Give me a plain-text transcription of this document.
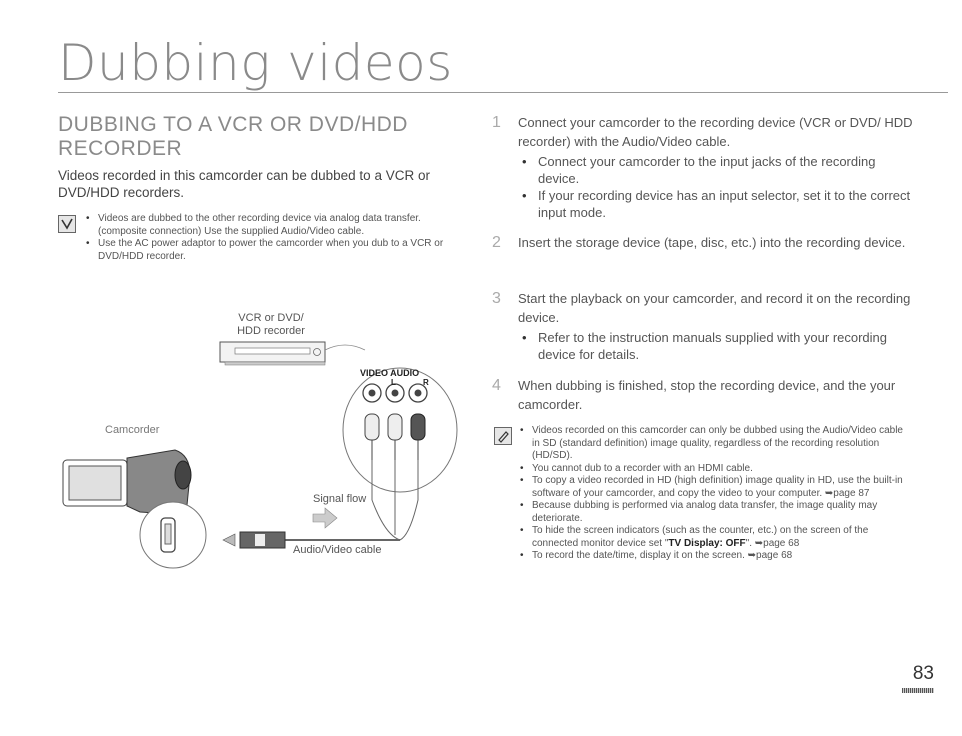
Dubbing videos
DUBBING TO A VCR OR DVD/HDD RECORDER
Videos recorded in this camcorder can be dubbed to a VCR or DVD/HDD recorders.
• Videos are dubbed to the other recording device via analog data transfer. (composite connection) Use the supplied Audio/Video cable.
• Use the AC power adaptor to power the camcorder when you dub to a VCR or DVD/HDD recorder.
VCR or DVD/ HDD recorder
VIDEO AUDIO
L	R
Camcorder
Signal flow
Audio/Video cable
1 Connect your camcorder to the recording device (VCR or DVD/ HDD recorder) with the Audio/Video cable.
• Connect your camcorder to the input jacks of the recording device.
• If your recording device has an input selector, set it to the correct input mode.
2 Insert the storage device (tape, disc, etc.) into the recording device.
3 Start the playback on your camcorder, and record it on the recording device.
• Refer to the instruction manuals supplied with your recording device for details.
4 When dubbing is finished, stop the recording device, and the your camcorder.
• Videos recorded on this camcorder can only be dubbed using the Audio/Video cable in SD (standard definition) image quality, regardless of the recording resolution (HD/SD).
• You cannot dub to a recorder with an HDMI cable.
• To copy a video recorded in HD (high definition) image quality in HD, use the built-in software of your camcorder, and copy the video to your computer. ➥page 87
• Because dubbing is performed via analog data transfer, the image quality may deteriorate.
• To hide the screen indicators (such as the counter, etc.) on the screen of the connected monitor device set "TV Display: OFF". ➥page 68
• To record the date/time, display it on the screen. ➥page 68
83
